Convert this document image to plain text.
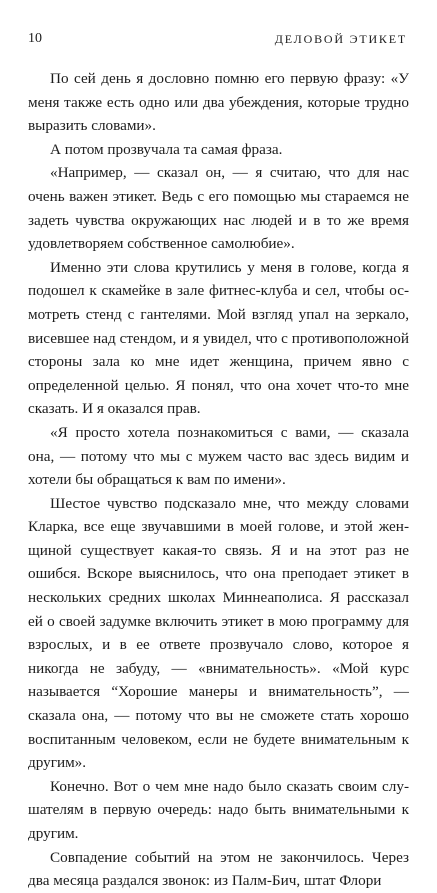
10	ДЕЛОВОЙ ЭТИКЕТ

По сей день я дословно помню его первую фразу: «У меня также есть одно или два убеждения, которые трудно выразить словами».

А потом прозвучала та самая фраза.

«Например, — сказал он, — я считаю, что для нас очень важен этикет. Ведь с его помощью мы стараемся не задеть чувства окружающих нас людей и в то же время удовлетворяем собственное самолюбие».

Именно эти слова крутились у меня в голове, когда я подошел к скамейке в зале фитнес-клуба и сел, чтобы осмотреть стенд с гантелями. Мой взгляд упал на зеркало, висевшее над стендом, и я увидел, что с противоположной стороны зала ко мне идет женщина, причем явно с определенной целью. Я понял, что она хочет что-то мне сказать. И я оказался прав.

«Я просто хотела познакомиться с вами, — сказала она, — потому что мы с мужем часто вас здесь видим и хотели бы обращаться к вам по имени».

Шестое чувство подсказало мне, что между словами Кларка, все еще звучавшими в моей голове, и этой женщиной существует какая-то связь. Я и на этот раз не ошибся. Вскоре выяснилось, что она преподает этикет в нескольких средних школах Миннеаполиса. Я рассказал ей о своей задумке включить этикет в мою программу для взрослых, и в ее ответе прозвучало слово, которое я никогда не забуду, — «внимательность». «Мой курс называется “Хорошие манеры и внимательность”, — сказала она, — потому что вы не сможете стать хорошо воспитанным человеком, если не будете внимательным к другим».

Конечно. Вот о чем мне надо было сказать своим слушателям в первую очередь: надо быть внимательными к другим.

Совпадение событий на этом не закончилось. Через два месяца раздался звонок: из Палм-Бич, штат Флори
